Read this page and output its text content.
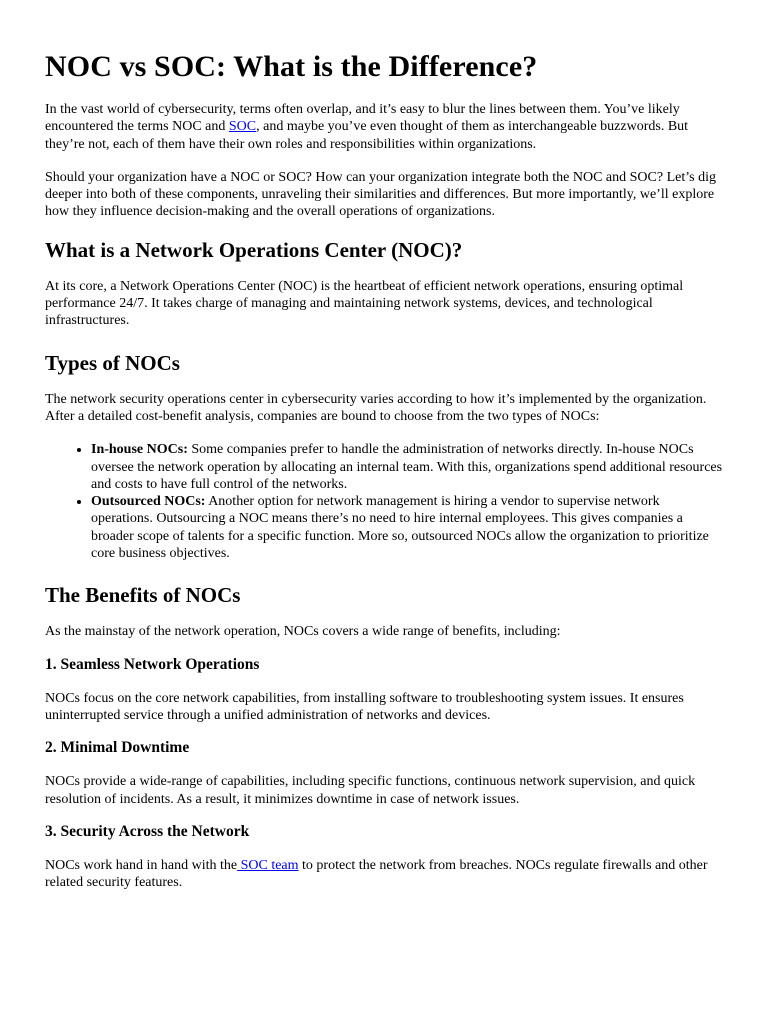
NOC vs SOC: What is the Difference?

In the vast world of cybersecurity, terms often overlap, and it’s easy to blur the lines between them. You’ve likely encountered the terms NOC and SOC, and maybe you’ve even thought of them as interchangeable buzzwords. But they’re not, each of them have their own roles and responsibilities within organizations.

Should your organization have a NOC or SOC? How can your organization integrate both the NOC and SOC? Let’s dig deeper into both of these components, unraveling their similarities and differences. But more importantly, we’ll explore how they influence decision-making and the overall operations of organizations.

What is a Network Operations Center (NOC)?

At its core, a Network Operations Center (NOC) is the heartbeat of efficient network operations, ensuring optimal performance 24/7. It takes charge of managing and maintaining network systems, devices, and technological infrastructures.

Types of NOCs

The network security operations center in cybersecurity varies according to how it’s implemented by the organization. After a detailed cost-benefit analysis, companies are bound to choose from the two types of NOCs:

• In-house NOCs: Some companies prefer to handle the administration of networks directly. In-house NOCs oversee the network operation by allocating an internal team. With this, organizations spend additional resources and costs to have full control of the networks.
• Outsourced NOCs: Another option for network management is hiring a vendor to supervise network operations. Outsourcing a NOC means there’s no need to hire internal employees. This gives companies a broader scope of talents for a specific function. More so, outsourced NOCs allow the organization to prioritize core business objectives.
The Benefits of NOCs

As the mainstay of the network operation, NOCs covers a wide range of benefits, including:

1. Seamless Network Operations

NOCs focus on the core network capabilities, from installing software to troubleshooting system issues. It ensures uninterrupted service through a unified administration of networks and devices.

2. Minimal Downtime

NOCs provide a wide-range of capabilities, including specific functions, continuous network supervision, and quick resolution of incidents. As a result, it minimizes downtime in case of network issues.

3. Security Across the Network

NOCs work hand in hand with the SOC team to protect the network from breaches. NOCs regulate firewalls and other related security features.
